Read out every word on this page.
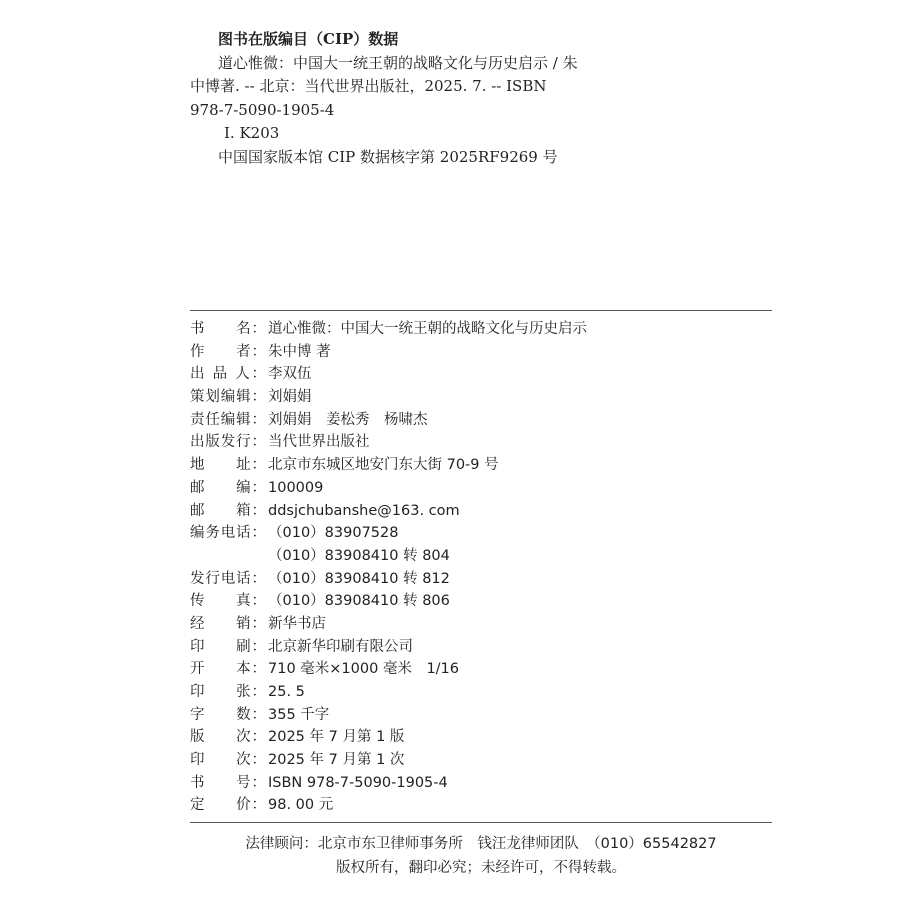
图书在版编目（CIP）数据
道心惟微：中国大一统王朝的战略文化与历史启示 / 朱
中博著. -- 北京：当代世界出版社，2025. 7. -- ISBN
978-7-5090-1905-4
Ⅰ. K203
中国国家版本馆 CIP 数据核字第 2025RF9269 号
书　　名： 道心惟微：中国大一统王朝的战略文化与历史启示
作　　者： 朱中博 著
出 品 人： 李双伍
策划编辑： 刘娟娟
责任编辑： 刘娟娟　姜松秀　杨啸杰
出版发行： 当代世界出版社
地　　址： 北京市东城区地安门东大街 70-9 号
邮　　编： 100009
邮　　箱： ddsjchubanshe@163. com
编务电话： （010）83907528
（010）83908410 转 804
发行电话： （010）83908410 转 812
传　　真： （010）83908410 转 806
经　　销： 新华书店
印　　刷： 北京新华印刷有限公司
开　　本： 710 毫米×1000 毫米　1/16
印　　张： 25. 5
字　　数： 355 千字
版　　次： 2025 年 7 月第 1 版
印　　次： 2025 年 7 月第 1 次
书　　号： ISBN 978-7-5090-1905-4
定　　价： 98. 00 元
法律顾问：北京市东卫律师事务所　钱汪龙律师团队　（010）65542827
版权所有，翻印必究；未经许可，不得转载。
